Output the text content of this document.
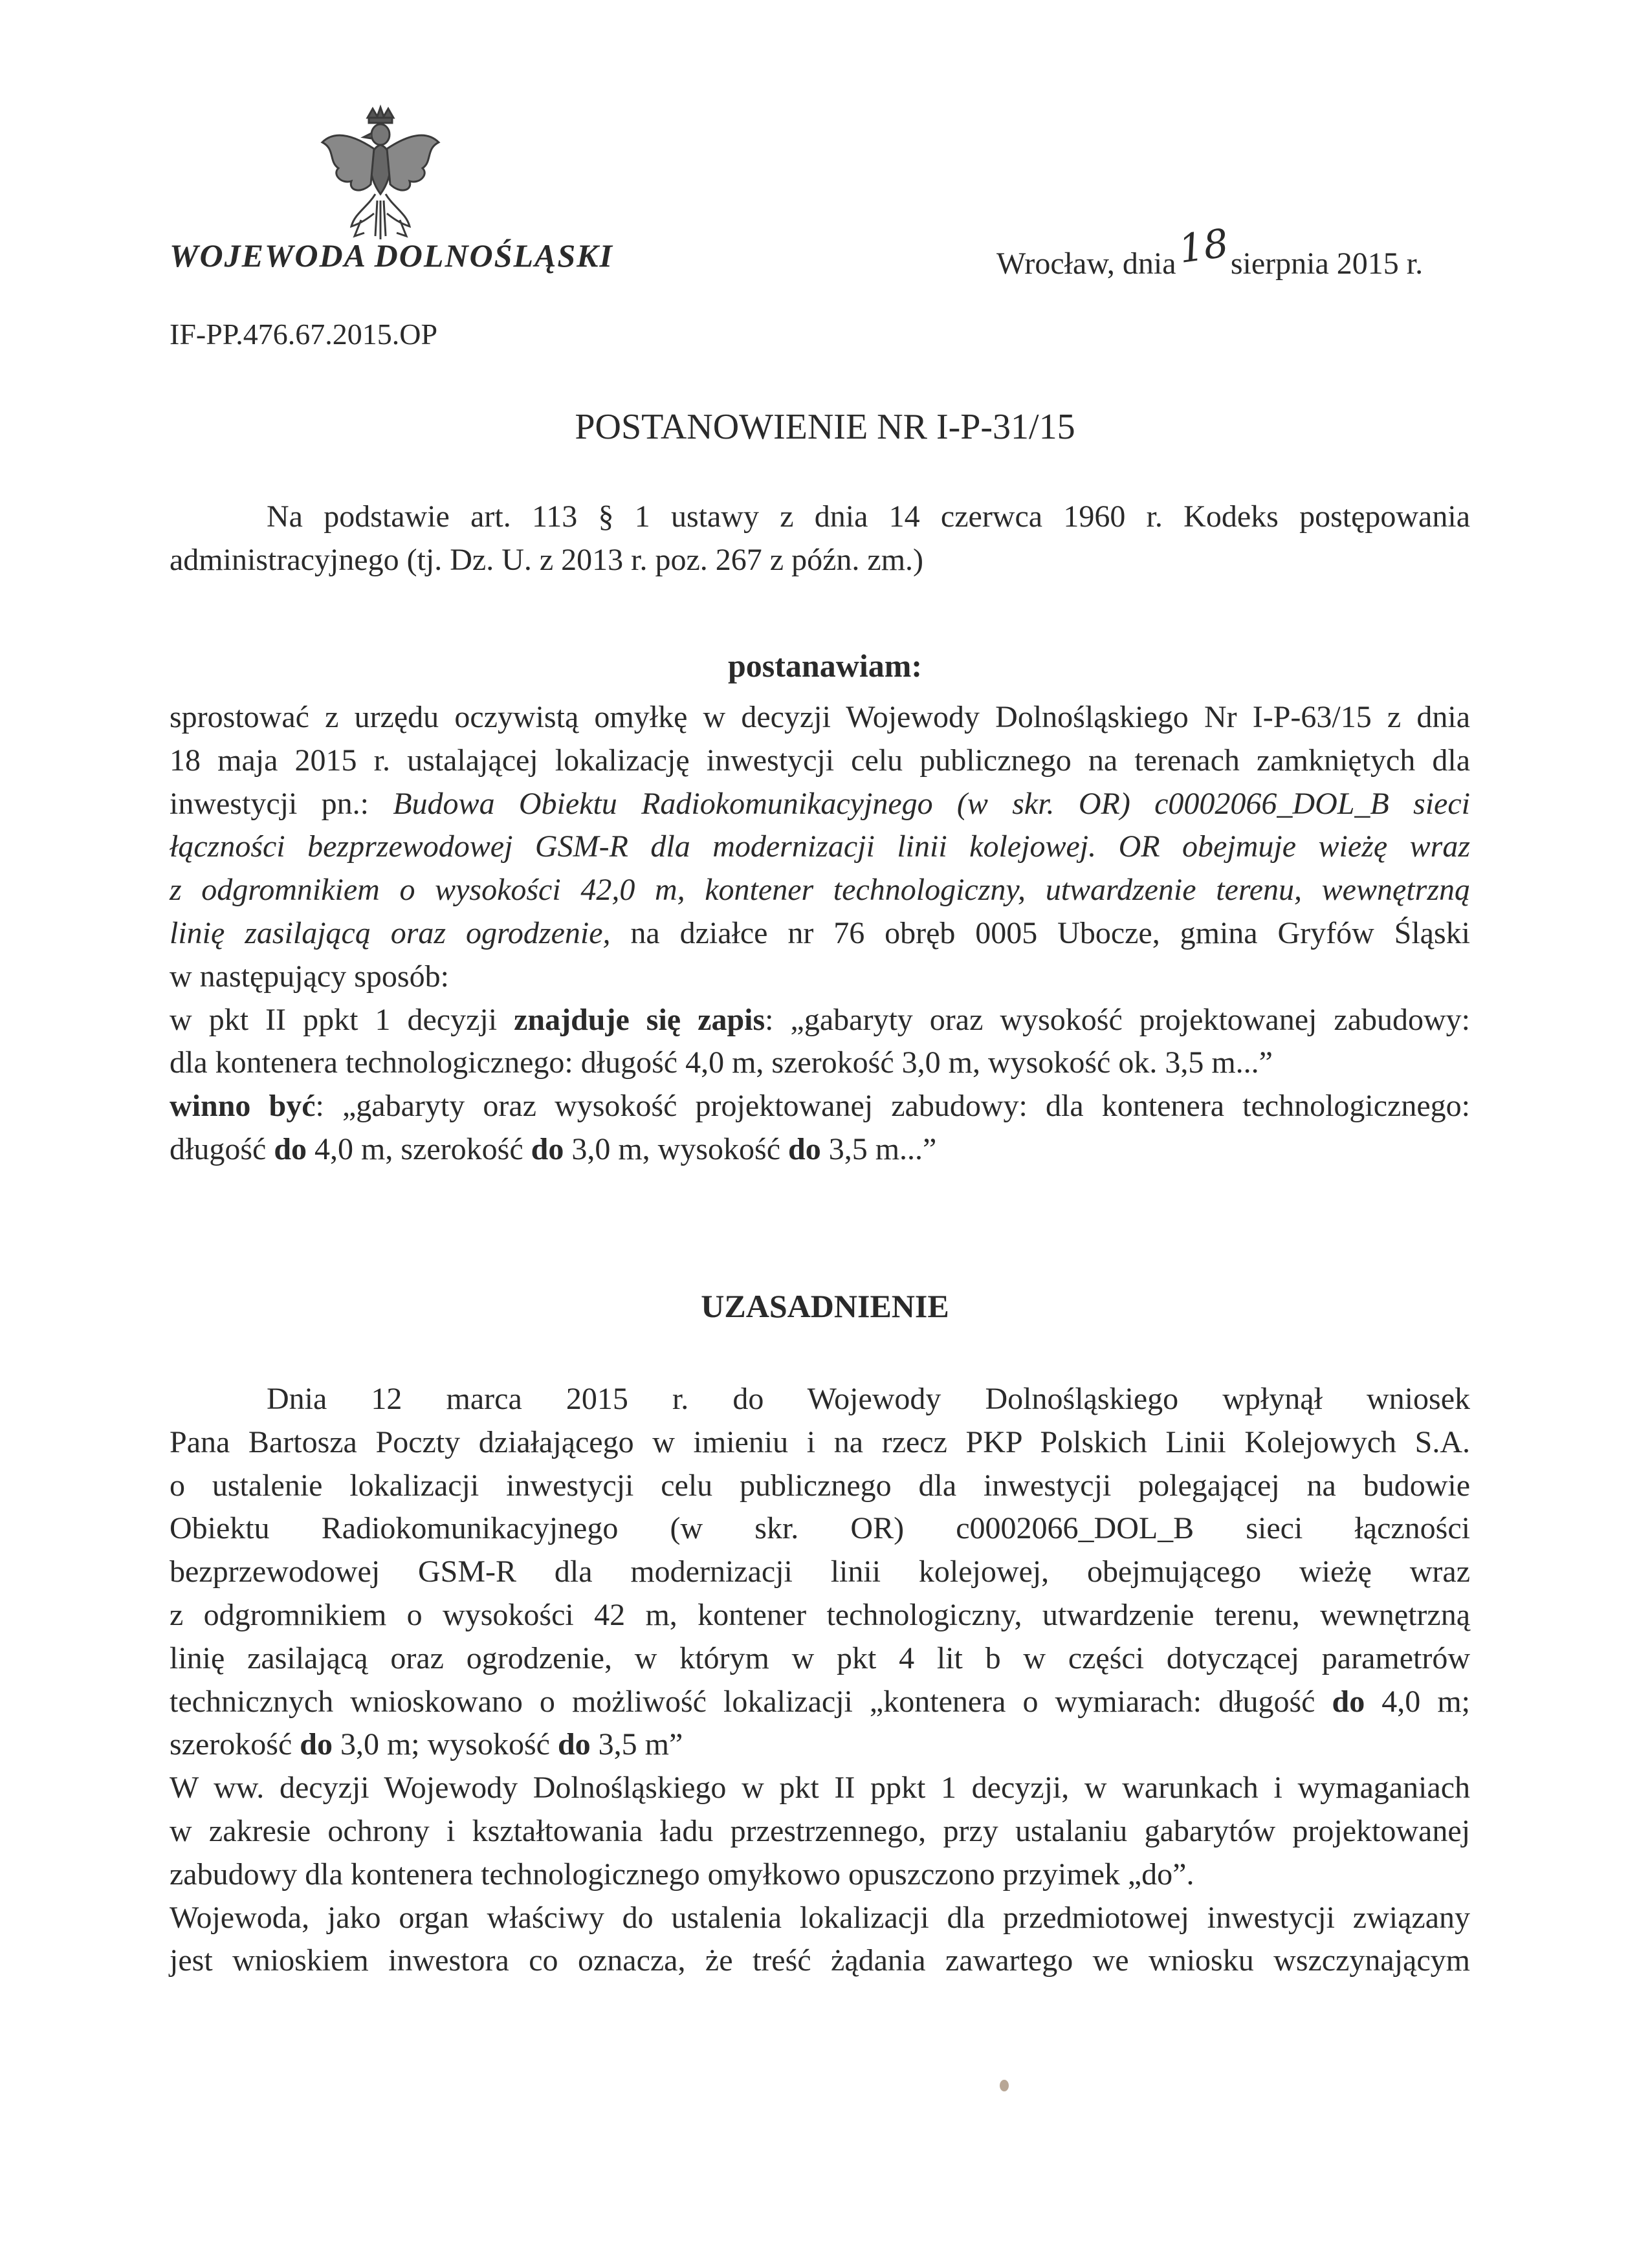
WOJEWODA DOLNOŚLĄSKI	Wrocław, dnia18sierpnia 2015 r.
IF-PP.476.67.2015.OP
POSTANOWIENIE NR I-P-31/15
Na podstawie art. 113 § 1 ustawy z dnia 14 czerwca 1960 r. Kodeks postępowania
administracyjnego (tj. Dz. U. z 2013 r. poz. 267 z późn. zm.)
postanawiam:
sprostować z urzędu oczywistą omyłkę w decyzji Wojewody Dolnośląskiego Nr I-P-63/15 z dnia
18 maja 2015 r. ustalającej lokalizację inwestycji celu publicznego na terenach zamkniętych dla
inwestycji pn.: Budowa Obiektu Radiokomunikacyjnego (w skr. OR) c0002066_DOL_B sieci
łączności bezprzewodowej GSM-R dla modernizacji linii kolejowej. OR obejmuje wieżę wraz
z odgromnikiem o wysokości 42,0 m, kontener technologiczny, utwardzenie terenu, wewnętrzną
linię zasilającą oraz ogrodzenie, na działce nr 76 obręb 0005 Ubocze, gmina Gryfów Śląski
w następujący sposób:
w pkt II ppkt 1 decyzji znajduje się zapis: „gabaryty oraz wysokość projektowanej zabudowy:
dla kontenera technologicznego: długość 4,0 m, szerokość 3,0 m, wysokość ok. 3,5 m...”
winno być: „gabaryty oraz wysokość projektowanej zabudowy: dla kontenera technologicznego:
długość do 4,0 m, szerokość do 3,0 m, wysokość do 3,5 m...”
UZASADNIENIE
Dnia 12 marca 2015 r. do Wojewody Dolnośląskiego wpłynął wniosek
Pana Bartosza Poczty działającego w imieniu i na rzecz PKP Polskich Linii Kolejowych S.A.
o ustalenie lokalizacji inwestycji celu publicznego dla inwestycji polegającej na budowie
Obiektu Radiokomunikacyjnego (w skr. OR) c0002066_DOL_B sieci łączności
bezprzewodowej GSM-R dla modernizacji linii kolejowej, obejmującego wieżę wraz
z odgromnikiem o wysokości 42 m, kontener technologiczny, utwardzenie terenu, wewnętrzną
linię zasilającą oraz ogrodzenie, w którym w pkt 4 lit b w części dotyczącej parametrów
technicznych wnioskowano o możliwość lokalizacji „kontenera o wymiarach: długość do 4,0 m;
szerokość do 3,0 m; wysokość do 3,5 m”
W ww. decyzji Wojewody Dolnośląskiego w pkt II ppkt 1 decyzji, w warunkach i wymaganiach
w zakresie ochrony i kształtowania ładu przestrzennego, przy ustalaniu gabarytów projektowanej
zabudowy dla kontenera technologicznego omyłkowo opuszczono przyimek „do”.
Wojewoda, jako organ właściwy do ustalenia lokalizacji dla przedmiotowej inwestycji związany
jest wnioskiem inwestora co oznacza, że treść żądania zawartego we wniosku wszczynającym
